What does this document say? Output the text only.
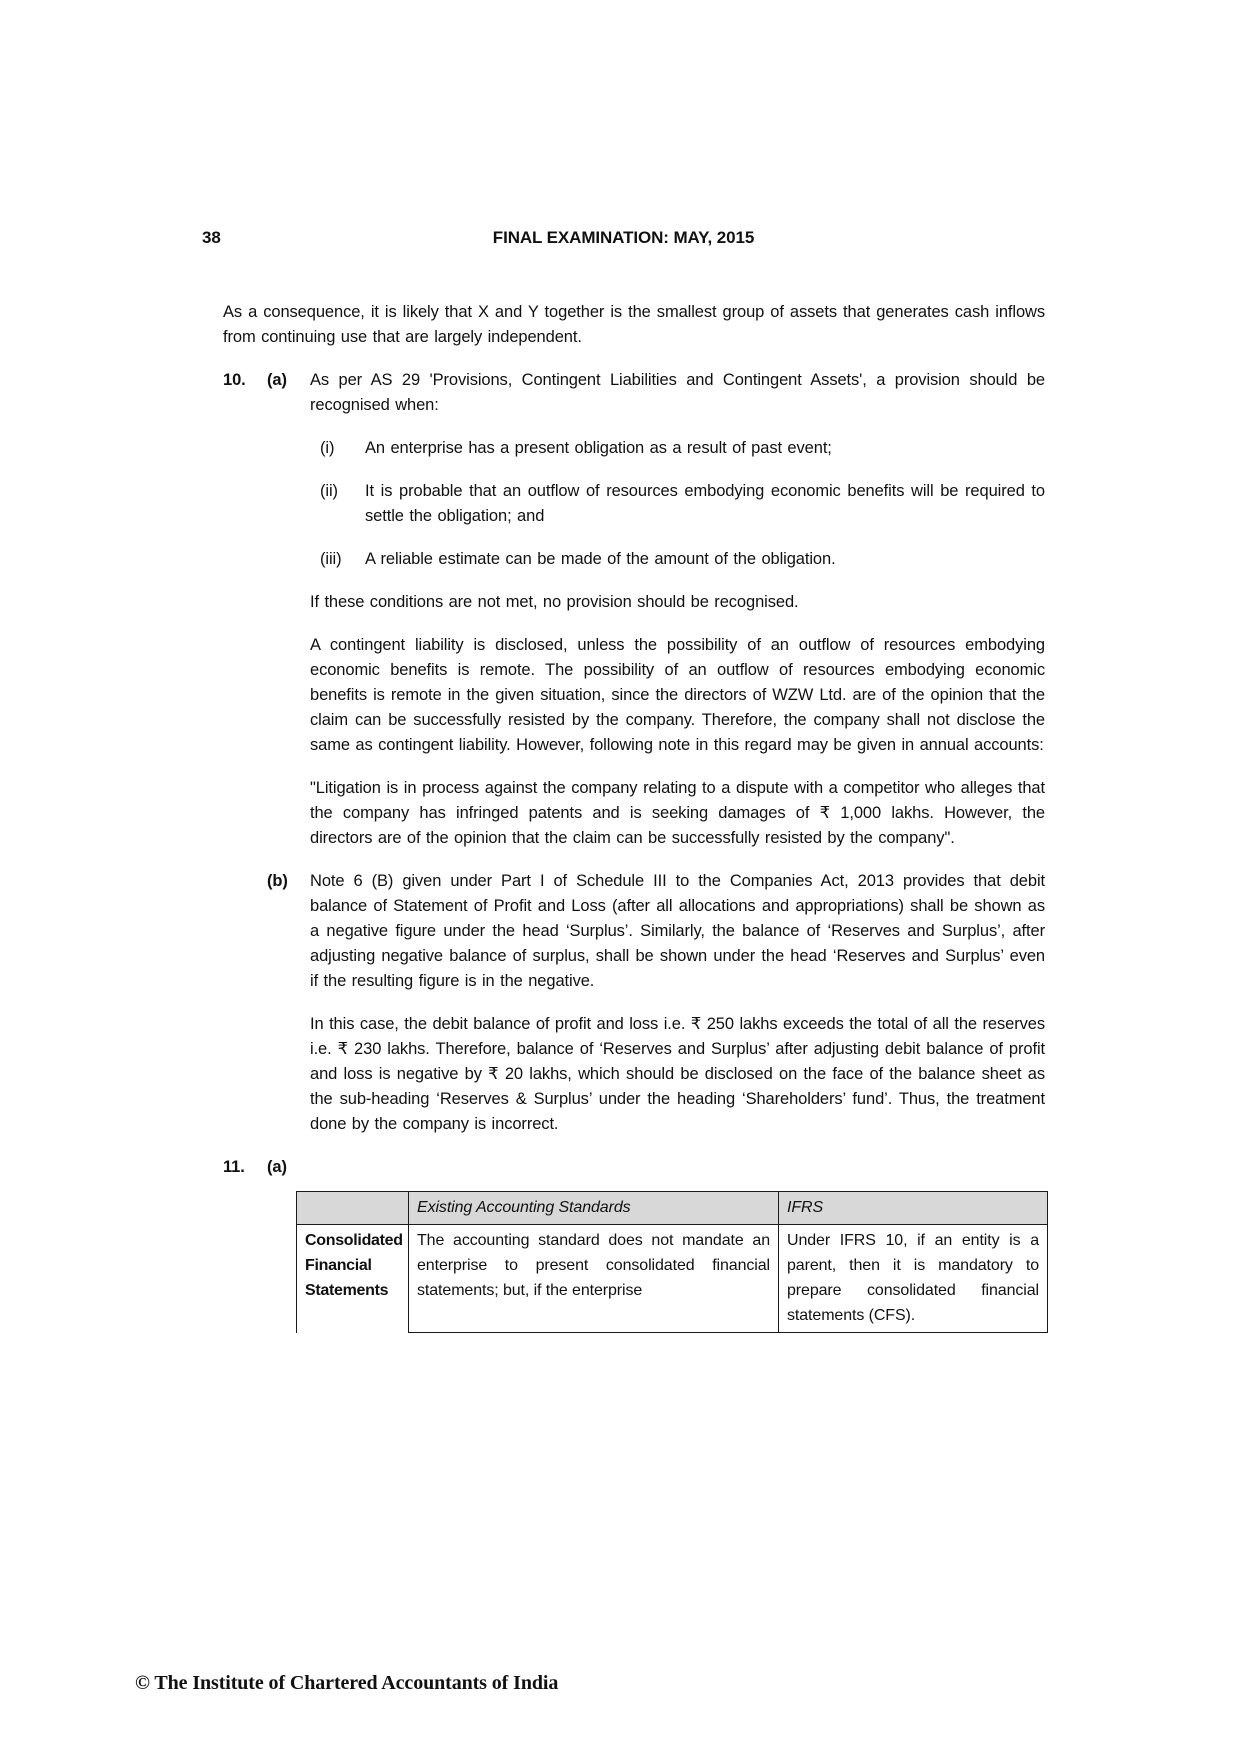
38	FINAL EXAMINATION: MAY, 2015

As a consequence, it is likely that X and Y together is the smallest group of assets that generates cash inflows from continuing use that are largely independent.

10.	(a)	As per AS 29 'Provisions, Contingent Liabilities and Contingent Assets', a provision should be recognised when:

(i)	An enterprise has a present obligation as a result of past event;

(ii)	It is probable that an outflow of resources embodying economic benefits will be required to settle the obligation; and

(iii)	A reliable estimate can be made of the amount of the obligation.

If these conditions are not met, no provision should be recognised.

A contingent liability is disclosed, unless the possibility of an outflow of resources embodying economic benefits is remote. The possibility of an outflow of resources embodying economic benefits is remote in the given situation, since the directors of WZW Ltd. are of the opinion that the claim can be successfully resisted by the company. Therefore, the company shall not disclose the same as contingent liability. However, following note in this regard may be given in annual accounts:

"Litigation is in process against the company relating to a dispute with a competitor who alleges that the company has infringed patents and is seeking damages of ₹ 1,000 lakhs. However, the directors are of the opinion that the claim can be successfully resisted by the company".

(b)	Note 6 (B) given under Part I of Schedule III to the Companies Act, 2013 provides that debit balance of Statement of Profit and Loss (after all allocations and appropriations) shall be shown as a negative figure under the head ‘Surplus’. Similarly, the balance of ‘Reserves and Surplus’, after adjusting negative balance of surplus, shall be shown under the head ‘Reserves and Surplus’ even if the resulting figure is in the negative.

In this case, the debit balance of profit and loss i.e. ₹ 250 lakhs exceeds the total of all the reserves i.e. ₹ 230 lakhs. Therefore, balance of ‘Reserves and Surplus’ after adjusting debit balance of profit and loss is negative by ₹ 20 lakhs, which should be disclosed on the face of the balance sheet as the sub-heading ‘Reserves & Surplus’ under the heading ‘Shareholders’ fund’. Thus, the treatment done by the company is incorrect.

11.	(a)
	Existing Accounting Standards	IFRS
Consolidated Financial Statements	The accounting standard does not mandate an enterprise to present consolidated financial statements; but, if the enterprise	Under IFRS 10, if an entity is a parent, then it is mandatory to prepare consolidated financial statements (CFS).
© The Institute of Chartered Accountants of India
